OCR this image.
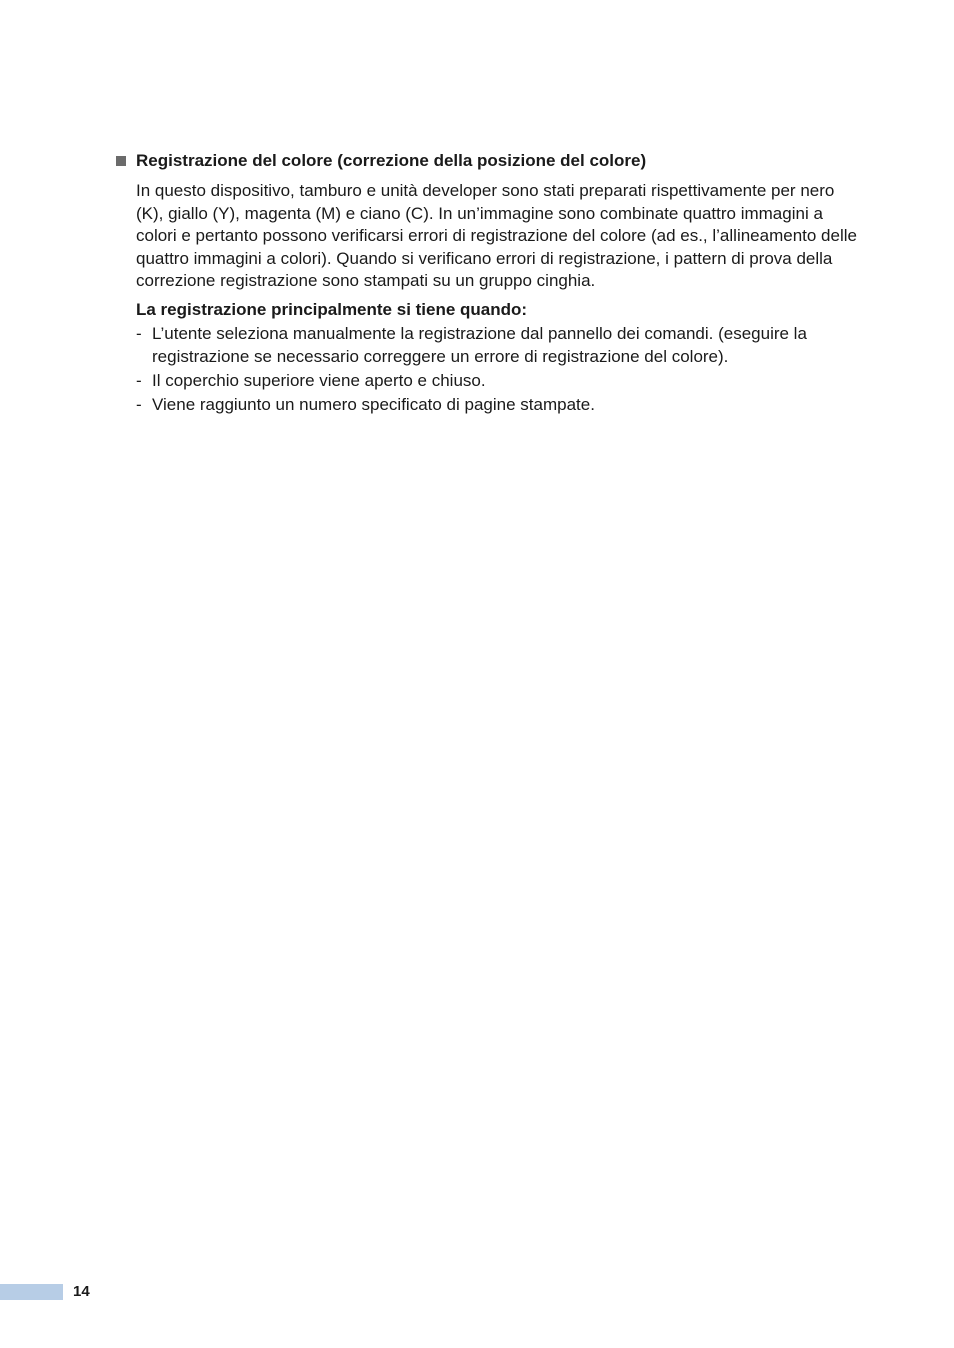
Registrazione del colore (correzione della posizione del colore)

In questo dispositivo, tamburo e unità developer sono stati preparati rispettivamente per nero (K), giallo (Y), magenta (M) e ciano (C). In un’immagine sono combinate quattro immagini a colori e pertanto possono verificarsi errori di registrazione del colore (ad es., l’allineamento delle quattro immagini a colori). Quando si verificano errori di registrazione, i pattern di prova della correzione registrazione sono stampati su un gruppo cinghia.

La registrazione principalmente si tiene quando:
- L’utente seleziona manualmente la registrazione dal pannello dei comandi. (eseguire la registrazione se necessario correggere un errore di registrazione del colore).
- Il coperchio superiore viene aperto e chiuso.
- Viene raggiunto un numero specificato di pagine stampate.
14
